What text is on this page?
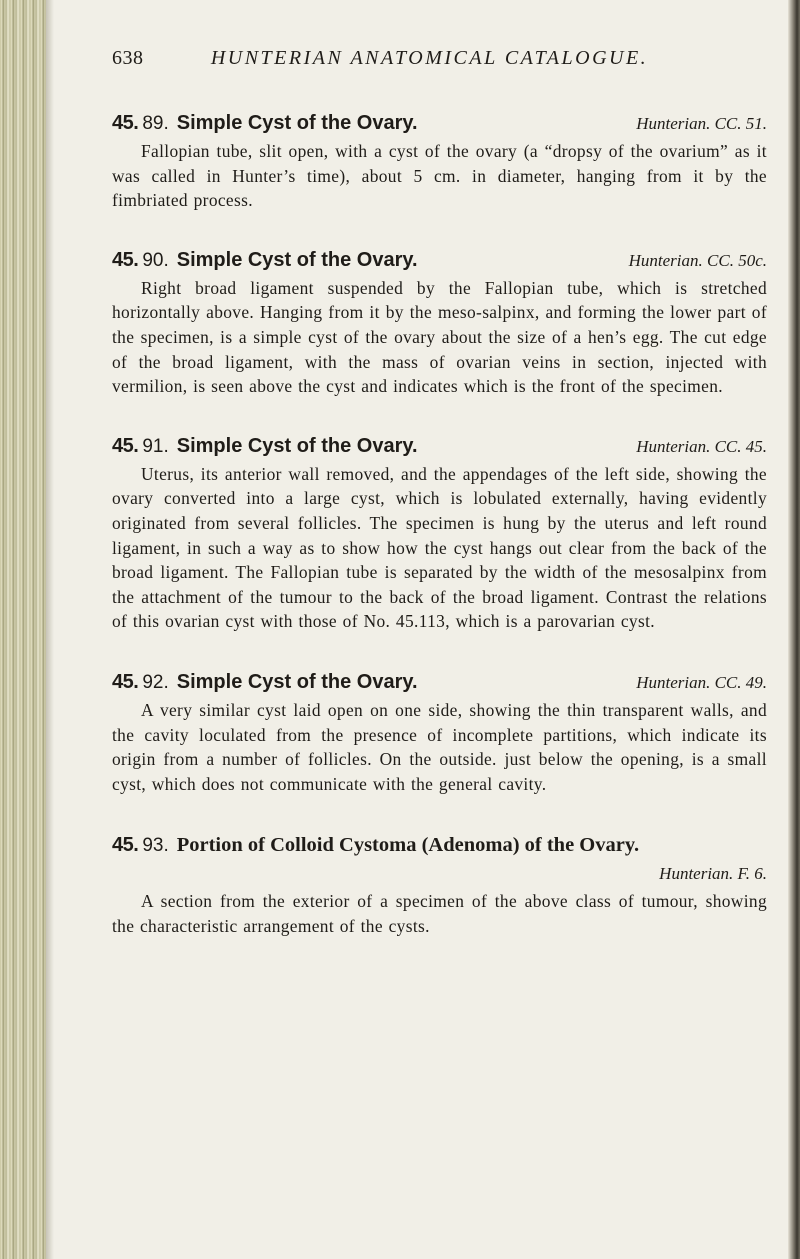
638	HUNTERIAN ANATOMICAL CATALOGUE.
45. 89. Simple Cyst of the Ovary.	Hunterian. CC. 51.

Fallopian tube, slit open, with a cyst of the ovary (a “dropsy of the ovarium” as it was called in Hunter’s time), about 5 cm. in diameter, hanging from it by the fimbriated process.

45. 90. Simple Cyst of the Ovary.	Hunterian. CC. 50c.

Right broad ligament suspended by the Fallopian tube, which is stretched horizontally above. Hanging from it by the meso-salpinx, and forming the lower part of the specimen, is a simple cyst of the ovary about the size of a hen’s egg. The cut edge of the broad ligament, with the mass of ovarian veins in section, injected with vermilion, is seen above the cyst and indicates which is the front of the specimen.

45. 91. Simple Cyst of the Ovary.	Hunterian. CC. 45.

Uterus, its anterior wall removed, and the appendages of the left side, showing the ovary converted into a large cyst, which is lobulated externally, having evidently originated from several follicles. The specimen is hung by the uterus and left round ligament, in such a way as to show how the cyst hangs out clear from the back of the broad ligament. The Fallopian tube is separated by the width of the mesosalpinx from the attachment of the tumour to the back of the broad ligament. Contrast the relations of this ovarian cyst with those of No. 45.113, which is a parovarian cyst.

45. 92. Simple Cyst of the Ovary.	Hunterian. CC. 49.

A very similar cyst laid open on one side, showing the thin transparent walls, and the cavity loculated from the presence of incomplete partitions, which indicate its origin from a number of follicles. On the outside. just below the opening, is a small cyst, which does not communicate with the general cavity.

45. 93. Portion of Colloid Cystoma (Adenoma) of the Ovary.
Hunterian. F. 6.

A section from the exterior of a specimen of the above class of tumour, showing the characteristic arrangement of the cysts.
